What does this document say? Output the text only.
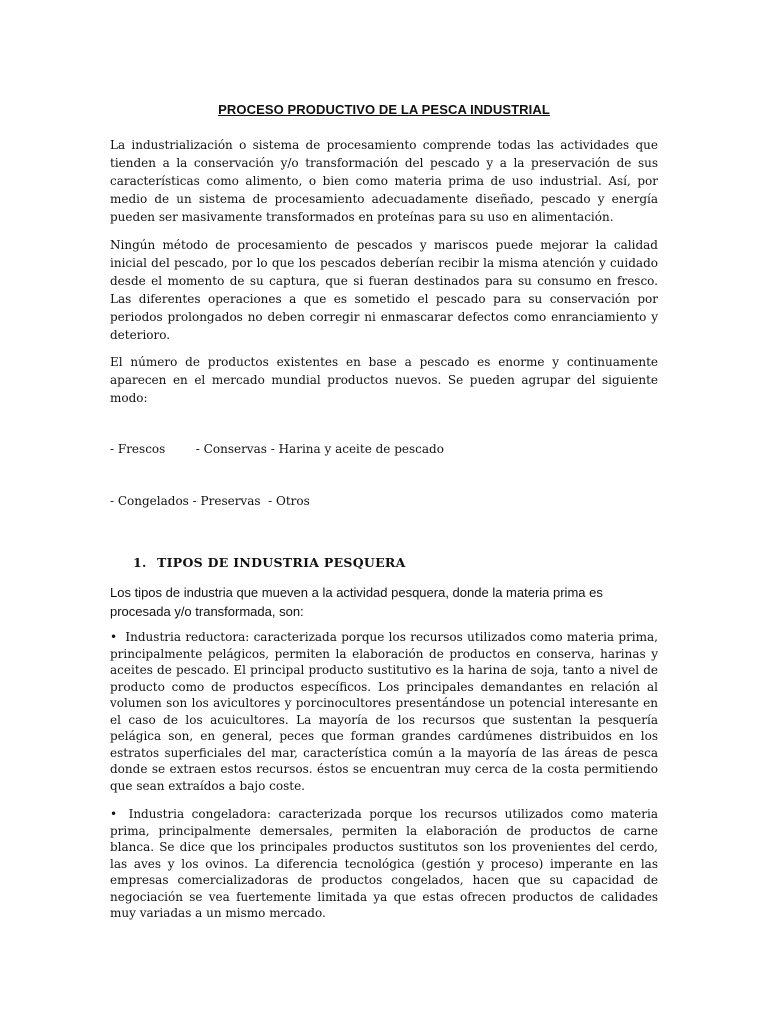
PROCESO PRODUCTIVO DE LA PESCA INDUSTRIAL

La industrialización o sistema de procesamiento comprende todas las actividades que tienden a la conservación y/o transformación del pescado y a la preservación de sus características como alimento, o bien como materia prima de uso industrial. Así, por medio de un sistema de procesamiento adecuadamente diseñado, pescado y energía pueden ser masivamente transformados en proteínas para su uso en alimentación.

Ningún método de procesamiento de pescados y mariscos puede mejorar la calidad inicial del pescado, por lo que los pescados deberían recibir la misma atención y cuidado desde el momento de su captura, que si fueran destinados para su consumo en fresco. Las diferentes operaciones a que es sometido el pescado para su conservación por periodos prolongados no deben corregir ni enmascarar defectos como enranciamiento y deterioro.

El número de productos existentes en base a pescado es enorme y continuamente aparecen en el mercado mundial productos nuevos. Se pueden agrupar del siguiente modo:

- Frescos        - Conservas - Harina y aceite de pescado

- Congelados - Preservas  - Otros

1. TIPOS DE INDUSTRIA PESQUERA

Los tipos de industria que mueven a la actividad pesquera, donde la materia prima es procesada y/o transformada, son:

• Industria reductora: caracterizada porque los recursos utilizados como materia prima, principalmente pelágicos, permiten la elaboración de productos en conserva, harinas y aceites de pescado. El principal producto sustitutivo es la harina de soja, tanto a nivel de producto como de productos específicos. Los principales demandantes en relación al volumen son los avicultores y porcinocultores presentándose un potencial interesante en el caso de los acuicultores. La mayoría de los recursos que sustentan la pesquería pelágica son, en general, peces que forman grandes cardúmenes distribuidos en los estratos superficiales del mar, característica común a la mayoría de las áreas de pesca donde se extraen estos recursos. éstos se encuentran muy cerca de la costa permitiendo que sean extraídos a bajo coste.

• Industria congeladora: caracterizada porque los recursos utilizados como materia prima, principalmente demersales, permiten la elaboración de productos de carne blanca. Se dice que los principales productos sustitutos son los provenientes del cerdo, las aves y los ovinos. La diferencia tecnológica (gestión y proceso) imperante en las empresas comercializadoras de productos congelados, hacen que su capacidad de negociación se vea fuertemente limitada ya que estas ofrecen productos de calidades muy variadas a un mismo mercado.
